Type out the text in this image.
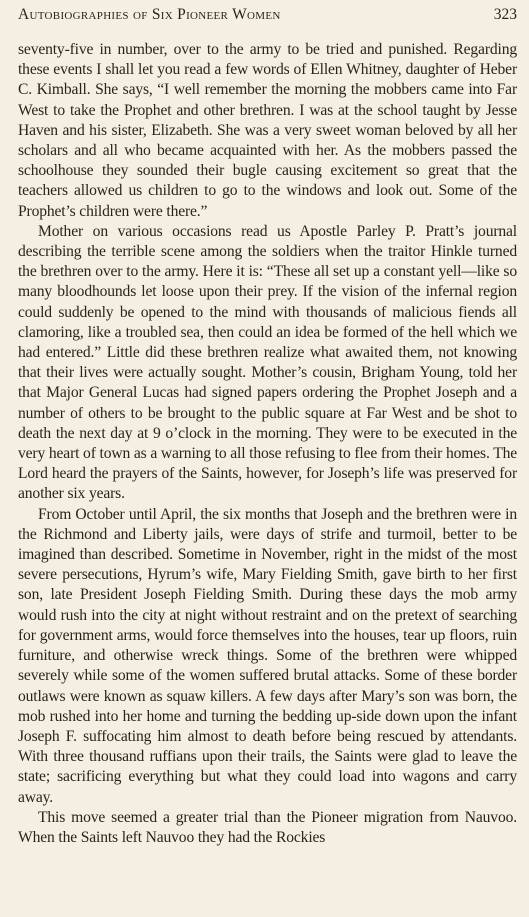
Autobiographies of Six Pioneer Women	323

seventy-five in number, over to the army to be tried and punished. Regarding these events I shall let you read a few words of Ellen Whitney, daughter of Heber C. Kimball. She says, “I well remember the morning the mobbers came into Far West to take the Prophet and other brethren. I was at the school taught by Jesse Haven and his sister, Elizabeth. She was a very sweet woman beloved by all her scholars and all who became acquainted with her. As the mobbers passed the schoolhouse they sounded their bugle causing excitement so great that the teachers allowed us children to go to the windows and look out. Some of the Prophet’s children were there.”

Mother on various occasions read us Apostle Parley P. Pratt’s journal describing the terrible scene among the soldiers when the traitor Hinkle turned the brethren over to the army. Here it is: “These all set up a constant yell—like so many bloodhounds let loose upon their prey. If the vision of the infernal region could suddenly be opened to the mind with thousands of malicious fiends all clamoring, like a troubled sea, then could an idea be formed of the hell which we had entered.” Little did these brethren realize what awaited them, not knowing that their lives were actually sought. Mother’s cousin, Brigham Young, told her that Major General Lucas had signed papers ordering the Prophet Joseph and a number of others to be brought to the public square at Far West and be shot to death the next day at 9 o’clock in the morning. They were to be executed in the very heart of town as a warning to all those refusing to flee from their homes. The Lord heard the prayers of the Saints, however, for Joseph’s life was preserved for another six years.

From October until April, the six months that Joseph and the brethren were in the Richmond and Liberty jails, were days of strife and turmoil, better to be imagined than described. Sometime in November, right in the midst of the most severe persecutions, Hyrum’s wife, Mary Fielding Smith, gave birth to her first son, late President Joseph Fielding Smith. During these days the mob army would rush into the city at night without restraint and on the pretext of searching for government arms, would force themselves into the houses, tear up floors, ruin furniture, and otherwise wreck things. Some of the brethren were whipped severely while some of the women suffered brutal attacks. Some of these border outlaws were known as squaw killers. A few days after Mary’s son was born, the mob rushed into her home and turning the bedding up-side down upon the infant Joseph F. suffocating him almost to death before being rescued by attendants. With three thousand ruffians upon their trails, the Saints were glad to leave the state; sacrificing everything but what they could load into wagons and carry away.

This move seemed a greater trial than the Pioneer migration from Nauvoo. When the Saints left Nauvoo they had the Rockies
